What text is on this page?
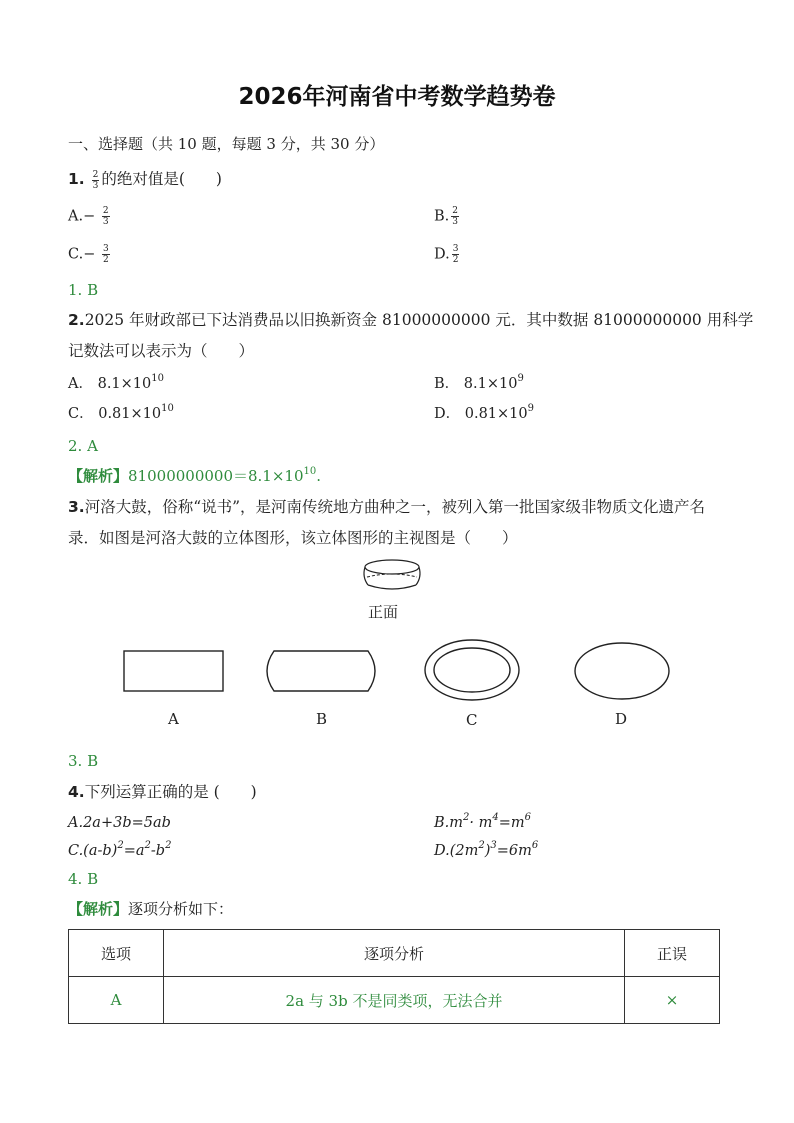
2026年河南省中考数学趋势卷
一、选择题（共 10 题，每题 3 分，共 30 分）
1. $\frac{2}{3}$ 的绝对值是(　　)
$A.- \frac{2}{3}$	B. $\frac{2}{3}$
$C.- \frac{3}{2}$	D. $\frac{3}{2}$
1. B
2.2025 年财政部已下达消费品以旧换新资金 81000000000 元．其中数据 81000000000 用科学
记数法可以表示为（　　）
A． $8.1\times 10^{10}$	B． $8.1\times 10^9$
C． $0.81\times 10^{10}$	D． $0.81\times 10^9$
2. A
【解析】$81000000000=8.1\times 10^{10}$.
3.河洛大鼓，俗称“说书”，是河南传统地方曲种之一，被列入第一批国家级非物质文化遗产名
录．如图是河洛大鼓的立体图形，该立体图形的主视图是（　　）
正面
A	B	C	D
3. B
4.下列运算正确的是 (　　)
A.2a+3b=5ab	$B.m^2\cdot m^4=m^6$
$C.(a-b)^2=a^2-b^2$	$D.(2m^2)^3=6m^6$
4. B
【解析】逐项分析如下：
选项	逐项分析	正误
A	2a 与 3b 不是同类项，无法合并	×
